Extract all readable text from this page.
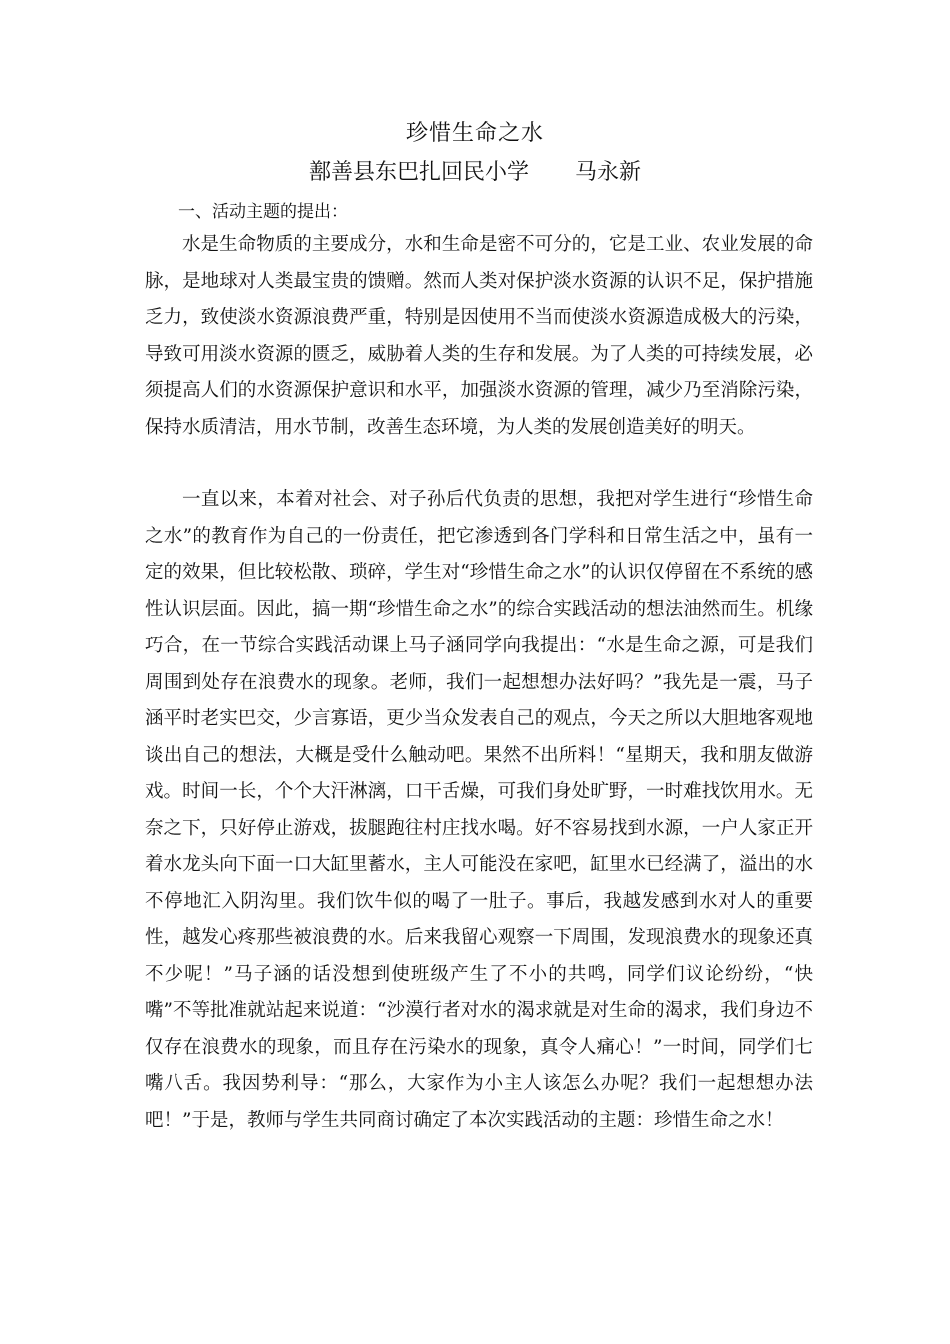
珍惜生命之水
鄯善县东巴扎回民小学 马永新
一、活动主题的提出：

水是生命物质的主要成分，水和生命是密不可分的，它是工业、农业发展的命脉，是地球对人类最宝贵的馈赠。然而人类对保护淡水资源的认识不足，保护措施乏力，致使淡水资源浪费严重，特别是因使用不当而使淡水资源造成极大的污染，导致可用淡水资源的匮乏，威胁着人类的生存和发展。为了人类的可持续发展，必须提高人们的水资源保护意识和水平，加强淡水资源的管理，减少乃至消除污染，保持水质清洁，用水节制，改善生态环境，为人类的发展创造美好的明天。

一直以来，本着对社会、对子孙后代负责的思想，我把对学生进行“珍惜生命之水”的教育作为自己的一份责任，把它渗透到各门学科和日常生活之中，虽有一定的效果，但比较松散、琐碎，学生对“珍惜生命之水”的认识仅停留在不系统的感性认识层面。因此，搞一期“珍惜生命之水”的综合实践活动的想法油然而生。机缘巧合，在一节综合实践活动课上马子涵同学向我提出：“水是生命之源，可是我们周围到处存在浪费水的现象。老师，我们一起想想办法好吗？”我先是一震，马子涵平时老实巴交，少言寡语，更少当众发表自己的观点，今天之所以大胆地客观地谈出自己的想法，大概是受什么触动吧。果然不出所料！“星期天，我和朋友做游戏。时间一长，个个大汗淋漓，口干舌燥，可我们身处旷野，一时难找饮用水。无奈之下，只好停止游戏，拔腿跑往村庄找水喝。好不容易找到水源，一户人家正开着水龙头向下面一口大缸里蓄水，主人可能没在家吧，缸里水已经满了，溢出的水不停地汇入阴沟里。我们饮牛似的喝了一肚子。事后，我越发感到水对人的重要性，越发心疼那些被浪费的水。后来我留心观察一下周围，发现浪费水的现象还真不少呢！”马子涵的话没想到使班级产生了不小的共鸣，同学们议论纷纷，“快嘴”不等批准就站起来说道：“沙漠行者对水的渴求就是对生命的渴求，我们身边不仅存在浪费水的现象，而且存在污染水的现象，真令人痛心！”一时间，同学们七嘴八舌。我因势利导：“那么，大家作为小主人该怎么办呢？我们一起想想办法吧！”于是，教师与学生共同商讨确定了本次实践活动的主题：珍惜生命之水！
